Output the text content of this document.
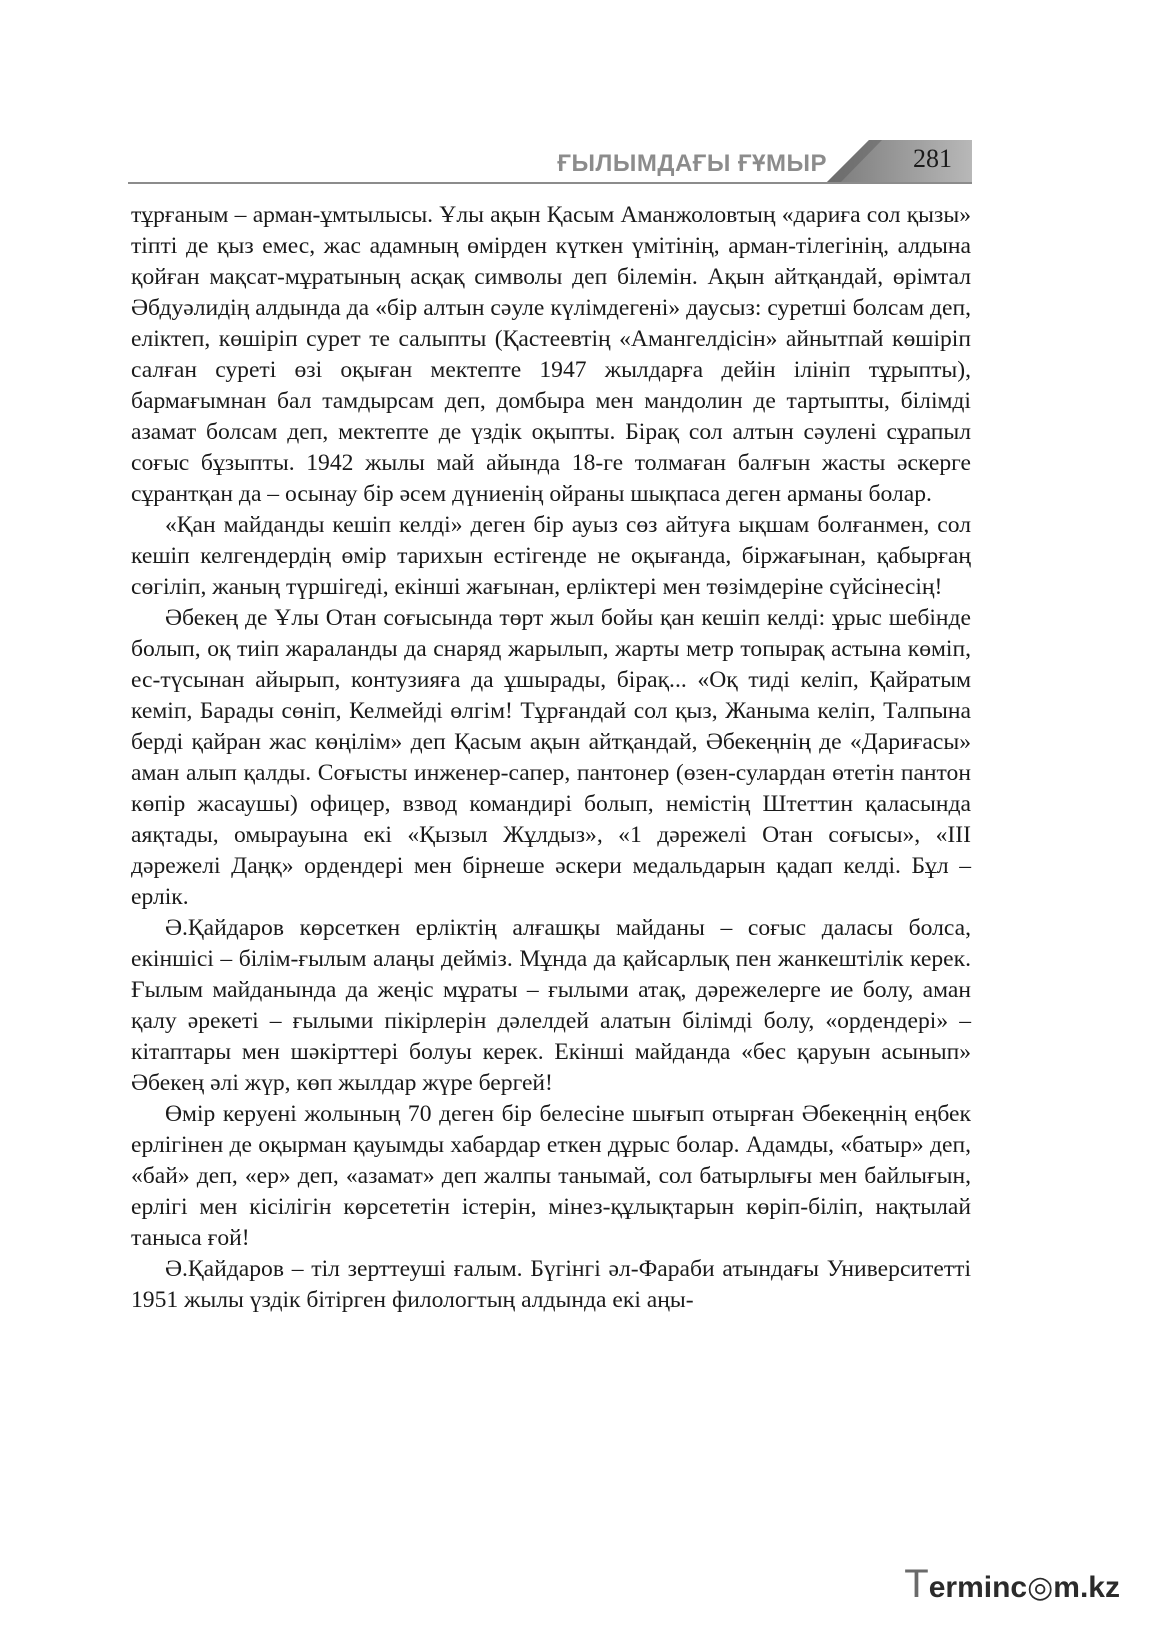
ҒЫЛЫМДАҒЫ ҒҰМЫР	281

тұрғаным – арман-ұмтылысы. Ұлы ақын Қасым Аманжоловтың «дариға сол қызы» тіпті де қыз емес, жас адамның өмірден күткен үмітінің, арман-тілегінің, алдына қойған мақсат-мұратының асқақ символы деп білемін. Ақын айтқандай, өрімтал Әбдуәлидің алдында да «бір алтын сәуле күлімдегені» даусыз: суретші болсам деп, еліктеп, көшіріп сурет те салыпты (Қастеевтің «Амангелдісін» айнытпай көшіріп салған суреті өзі оқыған мектепте 1947 жылдарға дейін ілініп тұрыпты), бармағымнан бал тамдырсам деп, домбыра мен мандолин де тартыпты, білімді азамат болсам деп, мектепте де үздік оқыпты. Бірақ сол алтын сәулені сұрапыл соғыс бұзыпты. 1942 жылы май айында 18-ге толмаған балғын жасты әскерге сұрантқан да – осынау бір әсем дүниенің ойраны шықпаса деген арманы болар.

«Қан майданды кешіп келді» деген бір ауыз сөз айтуға ықшам болғанмен, сол кешіп келгендердің өмір тарихын естігенде не оқығанда, біржағынан, қабырғаң сөгіліп, жаның түршігеді, екінші жағынан, ерліктері мен төзімдеріне сүйсінесің!

Әбекең де Ұлы Отан соғысында төрт жыл бойы қан кешіп келді: ұрыс шебінде болып, оқ тиіп жараланды да снаряд жарылып, жарты метр топырақ астына көміп, ес-түсынан айырып, контузияға да ұшырады, бірақ... «Оқ тиді келіп, Қайратым кеміп, Барады сөніп, Келмейді өлгім! Тұрғандай сол қыз, Жаныма келіп, Талпына берді қайран жас көңілім» деп Қасым ақын айтқандай, Әбекеңнің де «Дариғасы» аман алып қалды. Соғысты инженер-сапер, пантонер (өзен-сулардан өтетін пантон көпір жасаушы) офицер, взвод командирі болып, немістің Штеттин қаласында аяқтады, омырауына екі «Қызыл Жұлдыз», «1 дәрежелі Отан соғысы», «ІІІ дәрежелі Даңқ» ордендері мен бірнеше әскери медальдарын қадап келді. Бұл – ерлік.

Ә.Қайдаров көрсеткен ерліктің алғашқы майданы – соғыс даласы болса, екіншісі – білім-ғылым алаңы дейміз. Мұнда да қайсарлық пен жанкештілік керек. Ғылым майданында да жеңіс мұраты – ғылыми атақ, дәрежелерге ие болу, аман қалу әрекеті – ғылыми пікірлерін дәлелдей алатын білімді болу, «ордендері» – кітаптары мен шәкірттері болуы керек. Екінші майданда «бес қаруын асынып» Әбекең әлі жүр, көп жылдар жүре бергей!

Өмір керуені жолының 70 деген бір белесіне шығып отырған Әбекеңнің еңбек ерлігінен де оқырман қауымды хабардар еткен дұрыс болар. Адамды, «батыр» деп, «бай» деп, «ер» деп, «азамат» деп жалпы танымай, сол батырлығы мен байлығын, ерлігі мен кісілігін көрсететін істерін, мінез-құлықтарын көріп-біліп, нақтылай таныса ғой!

Ә.Қайдаров – тіл зерттеуші ғалым. Бүгінгі әл-Фараби атындағы Университетті 1951 жылы үздік бітірген филологтың алдында екі аңы-

Terminc◎m.kz
